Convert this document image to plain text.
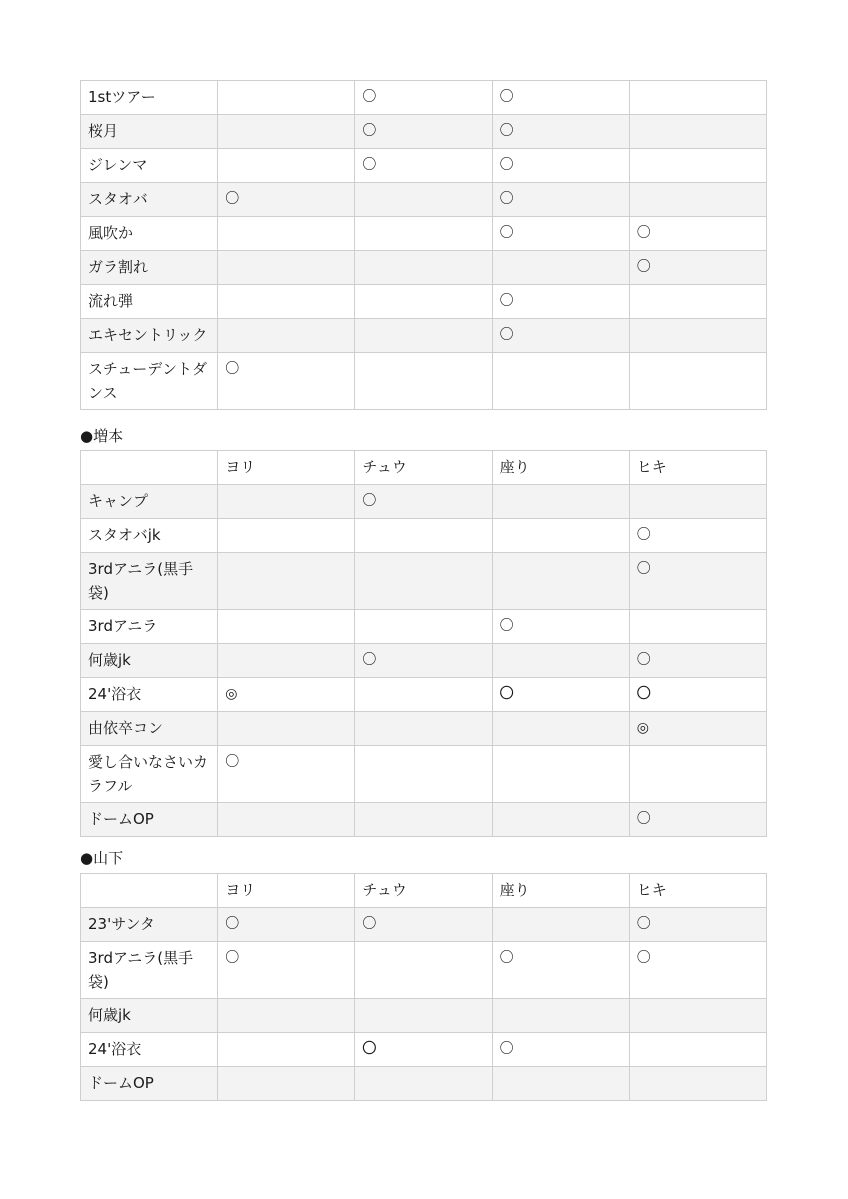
1stツアー		〇	〇	
桜月		〇	〇	
ジレンマ		〇	〇	
スタオバ	〇		〇	
風吹か			〇	〇
ガラ割れ				〇
流れ弾			〇	

エキセントリック			〇	
スチューデントダンス	〇			
●増本
	ヨリ	チュウ	座り	ヒキ
キャンプ		〇		
スタオバjk				〇
3rdアニラ(黒手袋)				〇
3rdアニラ			〇	
何歳jk		〇		〇
24'浴衣	◎		〇	〇
由依卒コン				◎
愛し合いなさいカラフル	〇			
ドームOP				〇
●山下
	ヨリ	チュウ	座り	ヒキ
23'サンタ	〇	〇		〇
3rdアニラ(黒手袋)	〇		〇	〇
何歳jk				
24'浴衣		〇	〇	
ドームOP				
